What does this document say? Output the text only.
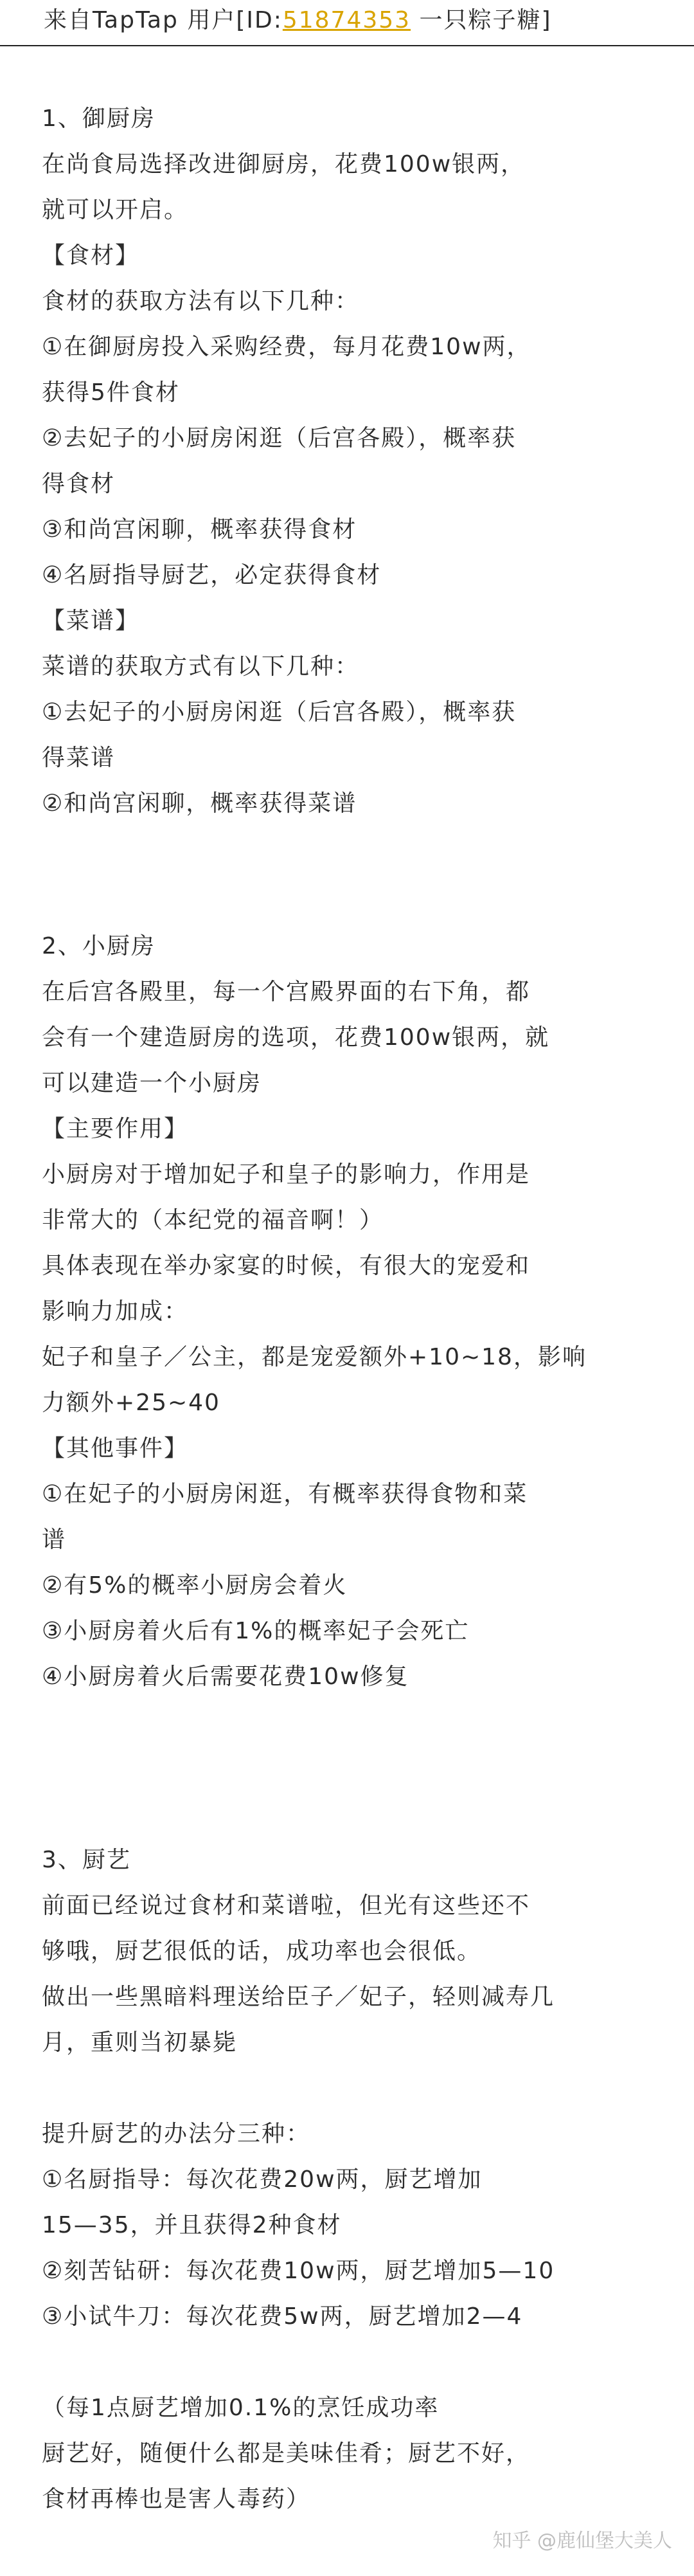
来自TapTap 用户[ID:51874353 一只粽子糖]
1、御厨房
在尚食局选择改进御厨房，花费100w银两，
就可以开启。
【食材】
食材的获取方法有以下几种：
①在御厨房投入采购经费，每月花费10w两，
获得5件食材
②去妃子的小厨房闲逛（后宫各殿），概率获
得食材
③和尚宫闲聊，概率获得食材
④名厨指导厨艺，必定获得食材
【菜谱】
菜谱的获取方式有以下几种：
①去妃子的小厨房闲逛（后宫各殿），概率获
得菜谱
②和尚宫闲聊，概率获得菜谱
2、小厨房
在后宫各殿里，每一个宫殿界面的右下角，都
会有一个建造厨房的选项，花费100w银两，就
可以建造一个小厨房
【主要作用】
小厨房对于增加妃子和皇子的影响力，作用是
非常大的（本纪党的福音啊！）
具体表现在举办家宴的时候，有很大的宠爱和
影响力加成：
妃子和皇子／公主，都是宠爱额外+10~18，影响
力额外+25~40
【其他事件】
①在妃子的小厨房闲逛，有概率获得食物和菜
谱
②有5%的概率小厨房会着火
③小厨房着火后有1%的概率妃子会死亡
④小厨房着火后需要花费10w修复
3、厨艺
前面已经说过食材和菜谱啦，但光有这些还不
够哦，厨艺很低的话，成功率也会很低。
做出一些黑暗料理送给臣子／妃子，轻则减寿几
月，重则当初暴毙
提升厨艺的办法分三种：
①名厨指导：每次花费20w两，厨艺增加
15—35，并且获得2种食材
②刻苦钻研：每次花费10w两，厨艺增加5—10
③小试牛刀：每次花费5w两，厨艺增加2—4
（每1点厨艺增加0.1%的烹饪成功率
厨艺好，随便什么都是美味佳肴；厨艺不好，
食材再棒也是害人毒药）
知乎 @鹿仙堡大美人
